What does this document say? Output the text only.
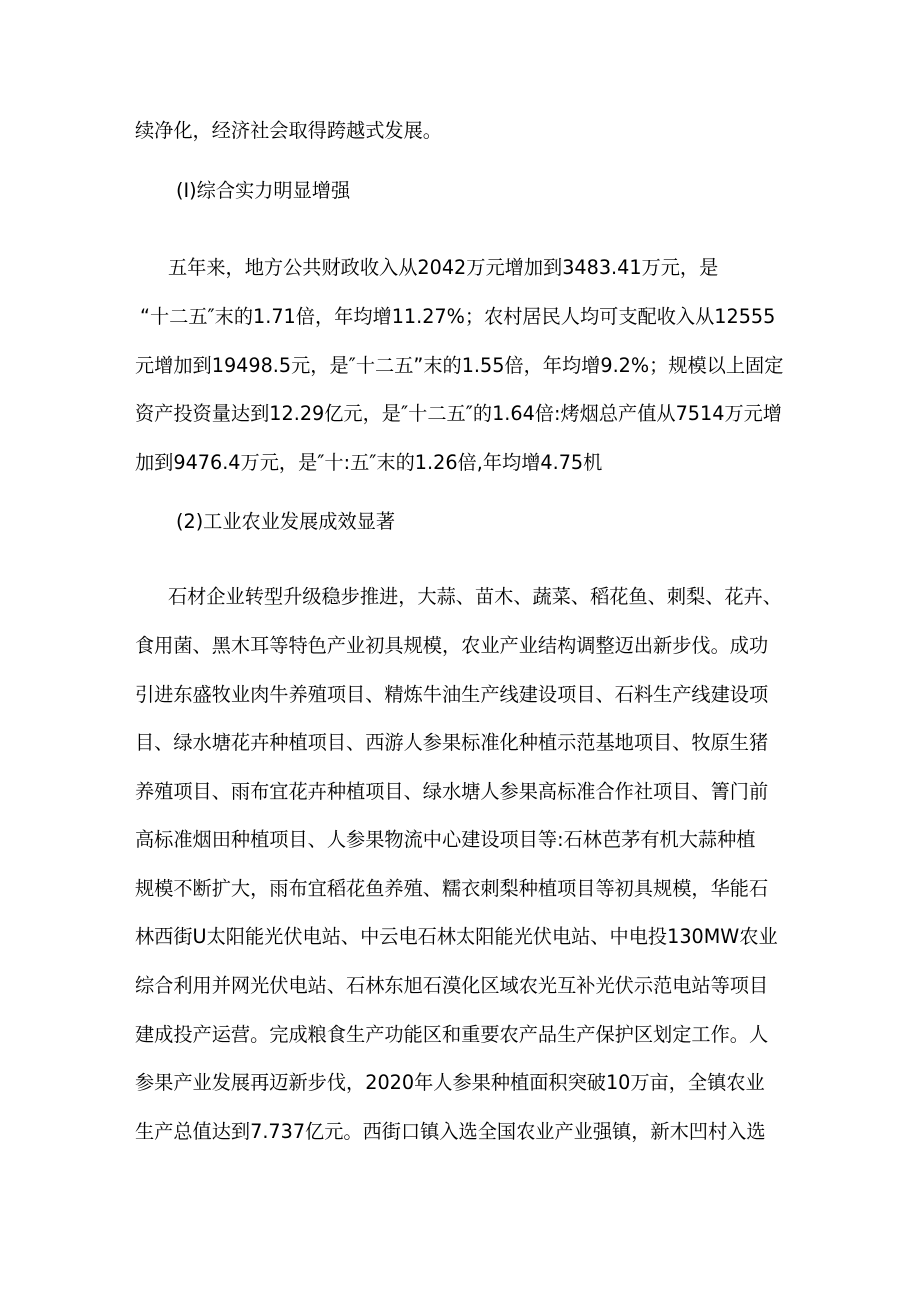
续净化，经济社会取得跨越式发展。
(I)综合实力明显增强
五年来，地方公共财政收入从2042万元增加到3483.41万元，是
“十二五″末的1.71倍，年均增11.27%；农村居民人均可支配收入从12555
元增加到19498.5元，是″十二五”末的1.55倍，年均增9.2%；规模以上固定
资产投资量达到12.29亿元，是″十二五″的1.64倍:烤烟总产值从7514万元增
加到9476.4万元，是″十:五″末的1.26倍,年均增4.75机
(2)工业农业发展成效显著
石材企业转型升级稳步推进，大蒜、苗木、蔬菜、稻花鱼、刺梨、花卉、
食用菌、黑木耳等特色产业初具规模，农业产业结构调整迈出新步伐。成功
引进东盛牧业肉牛养殖项目、精炼牛油生产线建设项目、石料生产线建设项
目、绿水塘花卉种植项目、西游人参果标准化种植示范基地项目、牧原生猪
养殖项目、雨布宜花卉种植项目、绿水塘人参果高标准合作社项目、箐门前
高标准烟田种植项目、人参果物流中心建设项目等:石林芭茅有机大蒜种植
规模不断扩大，雨布宜稻花鱼养殖、糯衣刺梨种植项目等初具规模，华能石
林西街U太阳能光伏电站、中云电石林太阳能光伏电站、中电投130MW农业
综合利用并网光伏电站、石林东旭石漠化区域农光互补光伏示范电站等项目
建成投产运营。完成粮食生产功能区和重要农产品生产保护区划定工作。人
参果产业发展再迈新步伐，2020年人参果种植面积突破10万亩，全镇农业
生产总值达到7.737亿元。西街口镇入选全国农业产业强镇，新木凹村入选
